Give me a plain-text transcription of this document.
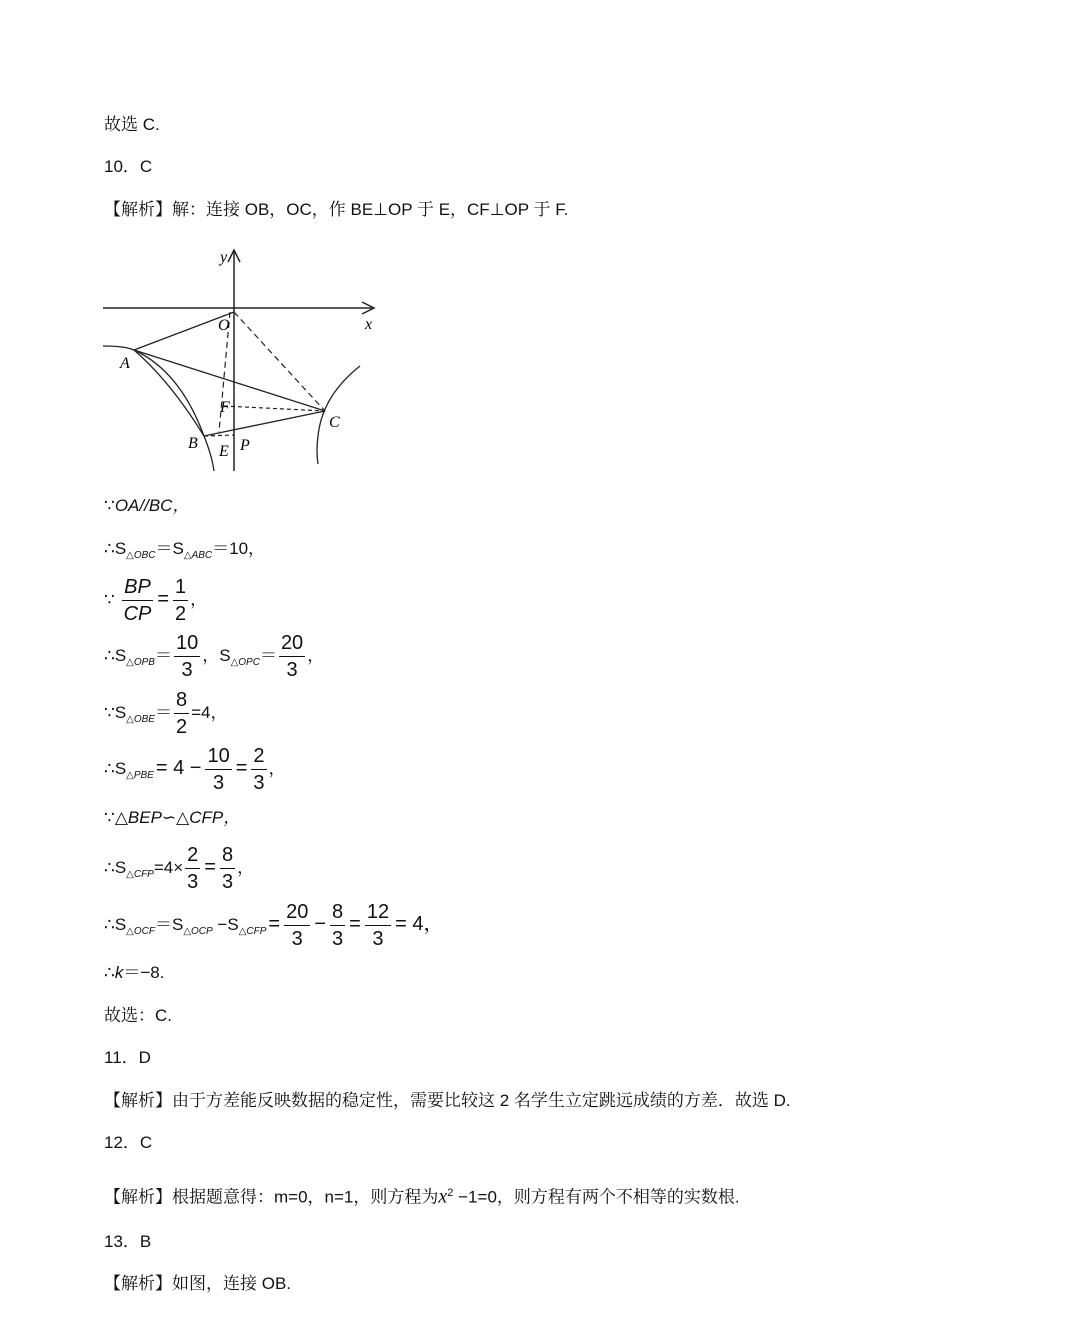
故选 C.
10．C
【解析】解：连接 OB，OC，作 BE⊥OP 于 E，CF⊥OP 于 F.
y
x
O
A
B
C
E
F
P
∵OA//BC，
$\therefore S_{\triangle OBC}=S_{\triangle ABC}=10$，
∵ $\frac{BP}{CP} = \frac{1}{2}$ ，
$\therefore S_{\triangle OPB}= \frac{10}{3}$ ，$S_{\triangle OPC}= \frac{20}{3}$ ，
$\because S_{\triangle OBE}= \frac{8}{2} =4$，
$\therefore S_{\triangle PBE} = 4 - \frac{10}{3} = \frac{2}{3}$ ，
∵△BEP∽△CFP，
$\therefore S_{\triangle CFP}=4\times \frac{2}{3} = \frac{8}{3}$ ，
$\therefore S_{\triangle OCF}=S_{\triangle OCP} -S_{\triangle CFP} = \frac{20}{3} - \frac{8}{3} = \frac{12}{3} = 4$，
∴k＝−8.
故选：C.
11．D
【解析】由于方差能反映数据的稳定性，需要比较这 2 名学生立定跳远成绩的方差．故选 D.
12．C
【解析】根据题意得：m=0，n=1，则方程为$x^2 -1=0$，则方程有两个不相等的实数根.
13．B
【解析】如图，连接 OB.
